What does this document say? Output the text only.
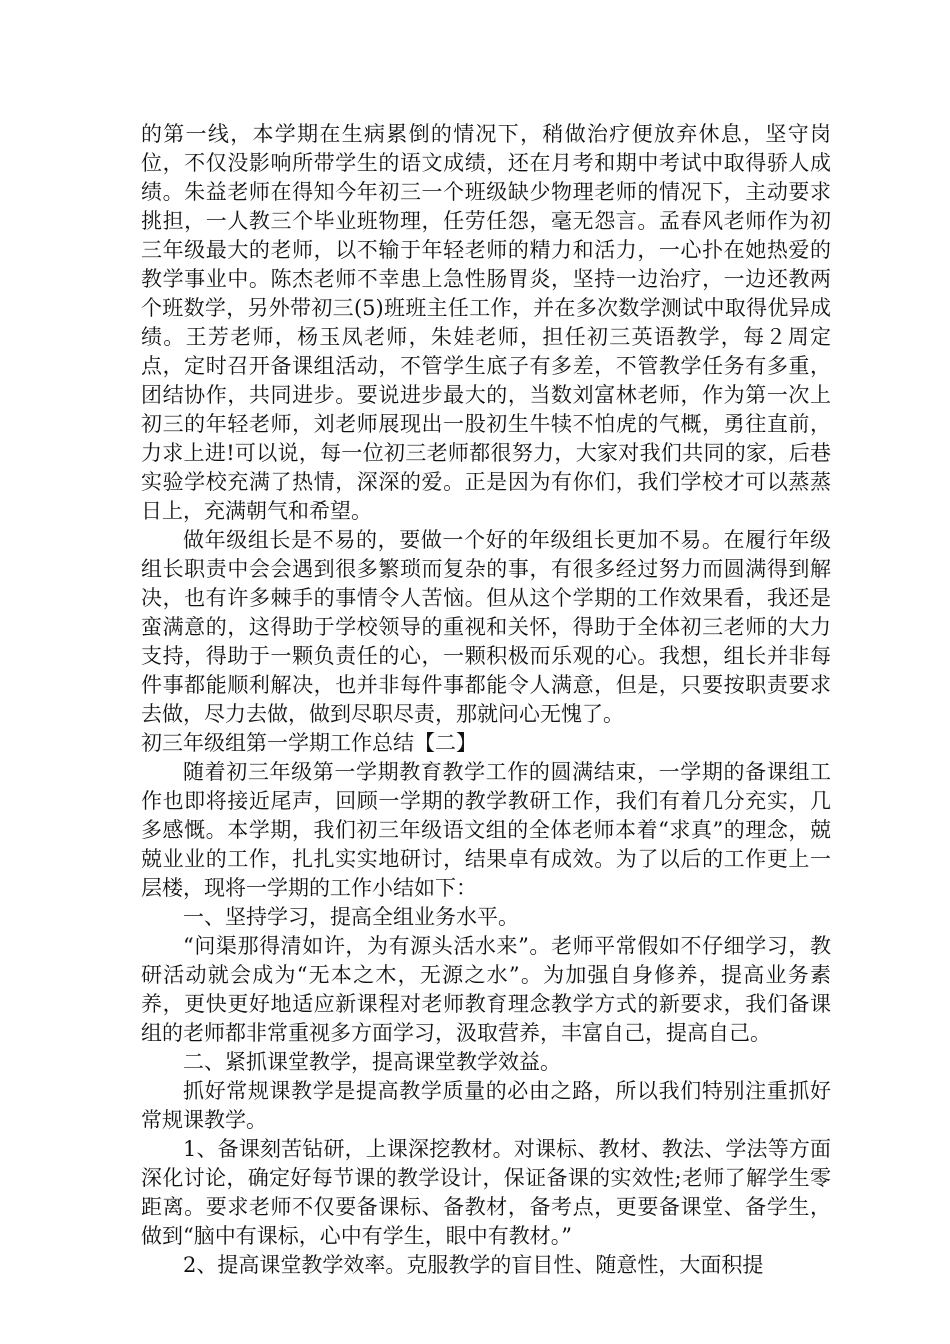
的第一线，本学期在生病累倒的情况下，稍做治疗便放弃休息，坚守岗位，不仅没影响所带学生的语文成绩，还在月考和期中考试中取得骄人成绩。朱益老师在得知今年初三一个班级缺少物理老师的情况下，主动要求挑担，一人教三个毕业班物理，任劳任怨，毫无怨言。孟春风老师作为初三年级最大的老师，以不输于年轻老师的精力和活力，一心扑在她热爱的教学事业中。陈杰老师不幸患上急性肠胃炎，坚持一边治疗，一边还教两个班数学，另外带初三(5)班班主任工作，并在多次数学测试中取得优异成绩。王芳老师，杨玉凤老师，朱娃老师，担任初三英语教学，每２周定点，定时召开备课组活动，不管学生底子有多差，不管教学任务有多重，团结协作，共同进步。要说进步最大的，当数刘富林老师，作为第一次上初三的年轻老师，刘老师展现出一股初生牛犊不怕虎的气概，勇往直前，力求上进!可以说，每一位初三老师都很努力，大家对我们共同的家，后巷实验学校充满了热情，深深的爱。正是因为有你们，我们学校才可以蒸蒸日上，充满朝气和希望。

做年级组长是不易的，要做一个好的年级组长更加不易。在履行年级组长职责中会会遇到很多繁琐而复杂的事，有很多经过努力而圆满得到解决，也有许多棘手的事情令人苦恼。但从这个学期的工作效果看，我还是蛮满意的，这得助于学校领导的重视和关怀，得助于全体初三老师的大力支持，得助于一颗负责任的心，一颗积极而乐观的心。我想，组长并非每件事都能顺利解决，也并非每件事都能令人满意，但是，只要按职责要求去做，尽力去做，做到尽职尽责，那就问心无愧了。

初三年级组第一学期工作总结【二】

随着初三年级第一学期教育教学工作的圆满结束，一学期的备课组工作也即将接近尾声，回顾一学期的教学教研工作，我们有着几分充实，几多感慨。本学期，我们初三年级语文组的全体老师本着“求真”的理念，兢兢业业的工作，扎扎实实地研讨，结果卓有成效。为了以后的工作更上一层楼，现将一学期的工作小结如下：

一、坚持学习，提高全组业务水平。

“问渠那得清如许，为有源头活水来”。老师平常假如不仔细学习，教研活动就会成为“无本之木，无源之水”。为加强自身修养，提高业务素养，更快更好地适应新课程对老师教育理念教学方式的新要求，我们备课组的老师都非常重视多方面学习，汲取营养，丰富自己，提高自己。

二、紧抓课堂教学，提高课堂教学效益。

抓好常规课教学是提高教学质量的必由之路，所以我们特别注重抓好常规课教学。

1、备课刻苦钻研，上课深挖教材。对课标、教材、教法、学法等方面深化讨论，确定好每节课的教学设计，保证备课的实效性;老师了解学生零距离。要求老师不仅要备课标、备教材，备考点，更要备课堂、备学生，做到“脑中有课标，心中有学生，眼中有教材。”

2、提高课堂教学效率。克服教学的盲目性、随意性，大面积提
